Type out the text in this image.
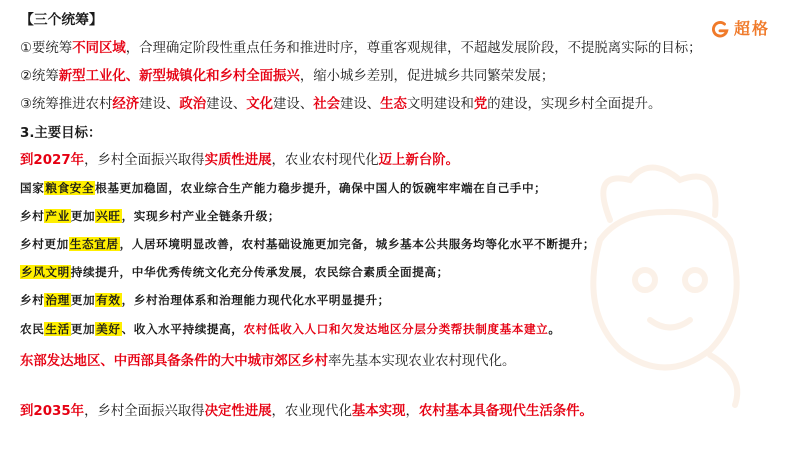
超格
【三个统筹】
①要统筹不同区域，合理确定阶段性重点任务和推进时序，尊重客观规律，不超越发展阶段，不提脱离实际的目标；
②统筹新型工业化、新型城镇化和乡村全面振兴，缩小城乡差别，促进城乡共同繁荣发展；
③统筹推进农村经济建设、政治建设、文化建设、社会建设、生态文明建设和党的建设，实现乡村全面提升。
3.主要目标：
到2027年，乡村全面振兴取得实质性进展，农业农村现代化迈上新台阶。
国家粮食安全根基更加稳固，农业综合生产能力稳步提升，确保中国人的饭碗牢牢端在自己手中；
乡村产业更加兴旺，实现乡村产业全链条升级；
乡村更加生态宜居，人居环境明显改善，农村基础设施更加完备，城乡基本公共服务均等化水平不断提升；
乡风文明持续提升，中华优秀传统文化充分传承发展，农民综合素质全面提高；
乡村治理更加有效，乡村治理体系和治理能力现代化水平明显提升；
农民生活更加美好、收入水平持续提高，农村低收入人口和欠发达地区分层分类帮扶制度基本建立。
东部发达地区、中西部具备条件的大中城市郊区乡村率先基本实现农业农村现代化。
到2035年，乡村全面振兴取得决定性进展，农业现代化基本实现，农村基本具备现代生活条件。
